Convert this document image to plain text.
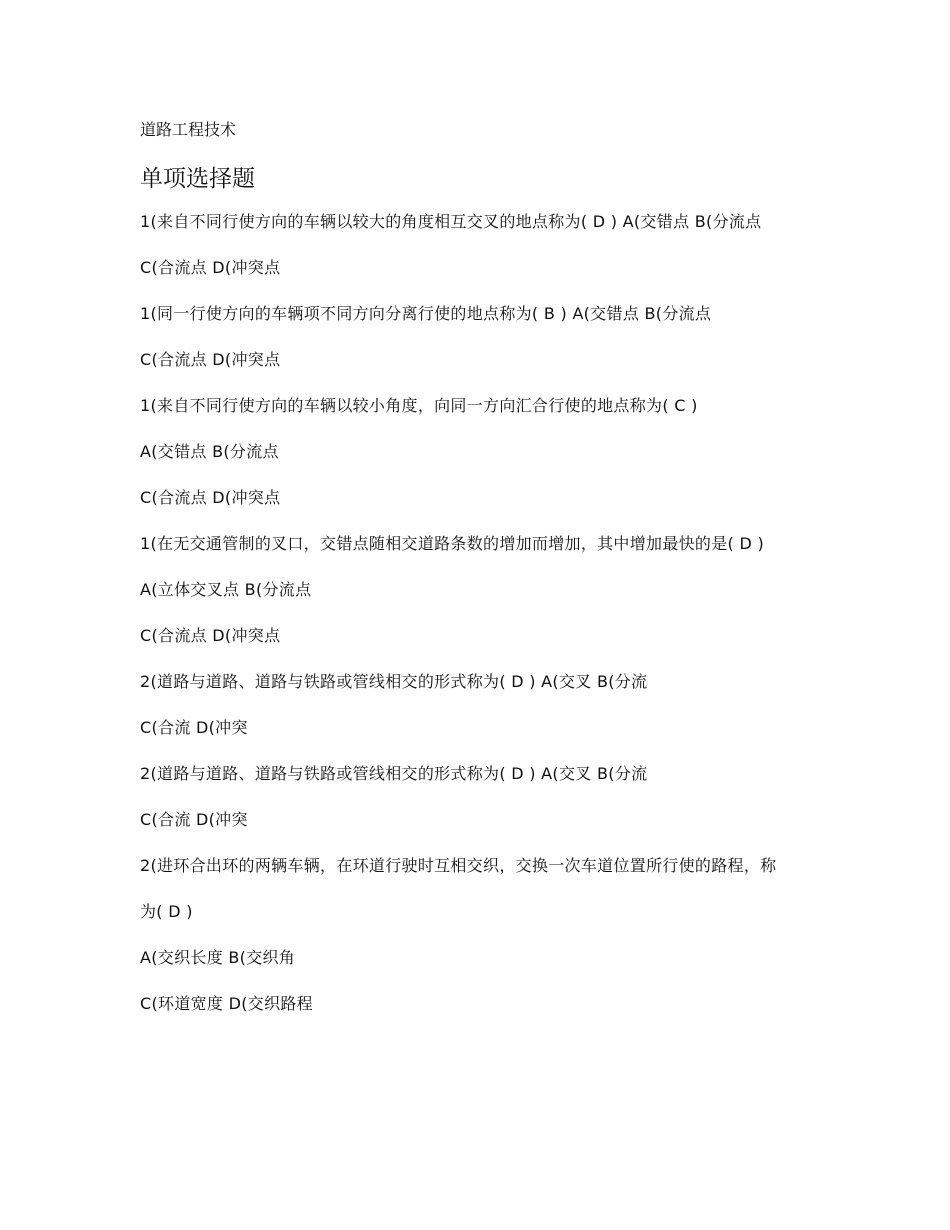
道路工程技术
单项选择题
1(来自不同行使方向的车辆以较大的角度相互交叉的地点称为( D ) A(交错点 B(分流点
C(合流点 D(冲突点
1(同一行使方向的车辆项不同方向分离行使的地点称为( B ) A(交错点 B(分流点
C(合流点 D(冲突点
1(来自不同行使方向的车辆以较小角度，向同一方向汇合行使的地点称为( C )
A(交错点 B(分流点
C(合流点 D(冲突点
1(在无交通管制的叉口，交错点随相交道路条数的增加而增加，其中增加最快的是( D )
A(立体交叉点 B(分流点
C(合流点 D(冲突点
2(道路与道路、道路与铁路或管线相交的形式称为( D ) A(交叉 B(分流
C(合流 D(冲突
2(道路与道路、道路与铁路或管线相交的形式称为( D ) A(交叉 B(分流
C(合流 D(冲突
2(进环合出环的两辆车辆，在环道行驶时互相交织，交换一次车道位置所行使的路程，称
为( D )
A(交织长度 B(交织角
C(环道宽度 D(交织路程
